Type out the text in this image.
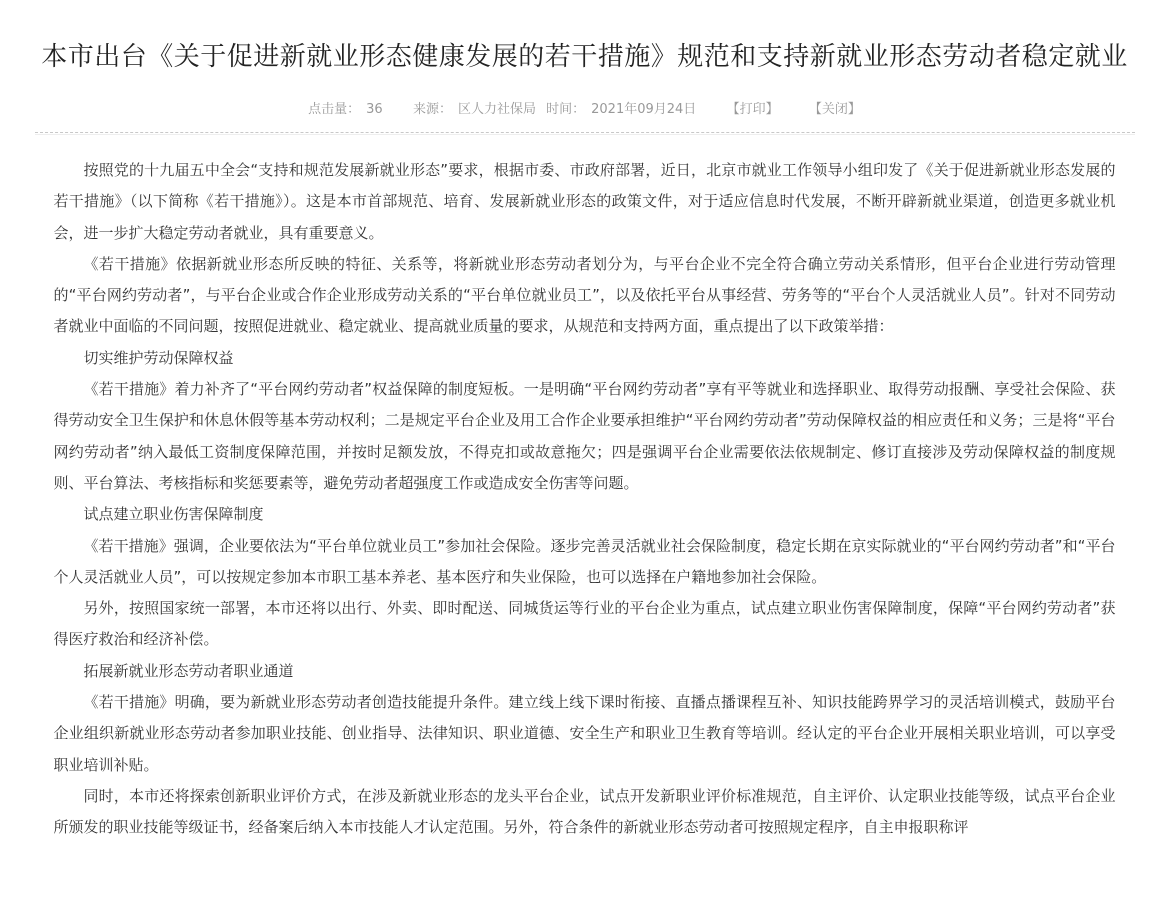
本市出台《关于促进新就业形态健康发展的若干措施》规范和支持新就业形态劳动者稳定就业
点击量： 36 来源： 区人力社保局 时间： 2021年09月24日 【打印】 【关闭】

按照党的十九届五中全会“支持和规范发展新就业形态”要求，根据市委、市政府部署，近日，北京市就业工作领导小组印发了《关于促进新就业形态发展的若干措施》（以下简称《若干措施》）。这是本市首部规范、培育、发展新就业形态的政策文件，对于适应信息时代发展，不断开辟新就业渠道，创造更多就业机会，进一步扩大稳定劳动者就业，具有重要意义。

《若干措施》依据新就业形态所反映的特征、关系等，将新就业形态劳动者划分为，与平台企业不完全符合确立劳动关系情形，但平台企业进行劳动管理的“平台网约劳动者”，与平台企业或合作企业形成劳动关系的“平台单位就业员工”，以及依托平台从事经营、劳务等的“平台个人灵活就业人员”。针对不同劳动者就业中面临的不同问题，按照促进就业、稳定就业、提高就业质量的要求，从规范和支持两方面，重点提出了以下政策举措：

切实维护劳动保障权益

《若干措施》着力补齐了“平台网约劳动者”权益保障的制度短板。一是明确“平台网约劳动者”享有平等就业和选择职业、取得劳动报酬、享受社会保险、获得劳动安全卫生保护和休息休假等基本劳动权利；二是规定平台企业及用工合作企业要承担维护“平台网约劳动者”劳动保障权益的相应责任和义务；三是将“平台网约劳动者”纳入最低工资制度保障范围，并按时足额发放，不得克扣或故意拖欠；四是强调平台企业需要依法依规制定、修订直接涉及劳动保障权益的制度规则、平台算法、考核指标和奖惩要素等，避免劳动者超强度工作或造成安全伤害等问题。

试点建立职业伤害保障制度

《若干措施》强调，企业要依法为“平台单位就业员工”参加社会保险。逐步完善灵活就业社会保险制度，稳定长期在京实际就业的“平台网约劳动者”和“平台个人灵活就业人员”，可以按规定参加本市职工基本养老、基本医疗和失业保险，也可以选择在户籍地参加社会保险。

另外，按照国家统一部署，本市还将以出行、外卖、即时配送、同城货运等行业的平台企业为重点，试点建立职业伤害保障制度，保障“平台网约劳动者”获得医疗救治和经济补偿。

拓展新就业形态劳动者职业通道

《若干措施》明确，要为新就业形态劳动者创造技能提升条件。建立线上线下课时衔接、直播点播课程互补、知识技能跨界学习的灵活培训模式，鼓励平台企业组织新就业形态劳动者参加职业技能、创业指导、法律知识、职业道德、安全生产和职业卫生教育等培训。经认定的平台企业开展相关职业培训，可以享受职业培训补贴。

同时，本市还将探索创新职业评价方式，在涉及新就业形态的龙头平台企业，试点开发新职业评价标准规范，自主评价、认定职业技能等级，试点平台企业所颁发的职业技能等级证书，经备案后纳入本市技能人才认定范围。另外，符合条件的新就业形态劳动者可按照规定程序，自主申报职称评
